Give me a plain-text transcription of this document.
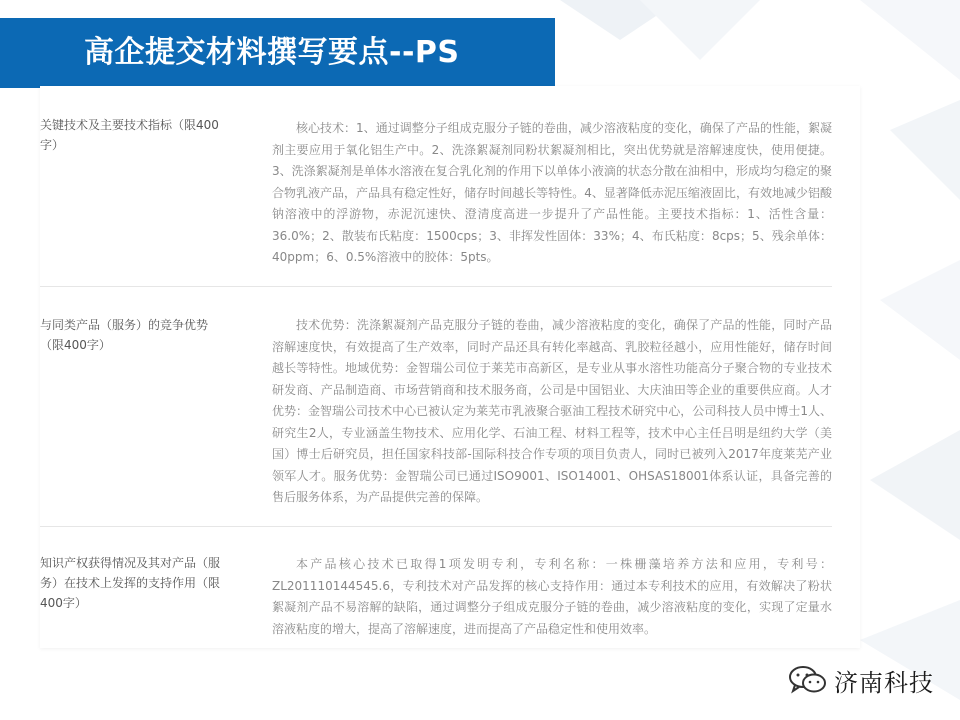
高企提交材料撰写要点--PS
关键技术及主要技术指标（限400字）
核心技术：1、通过调整分子组成克服分子链的卷曲，减少溶液粘度的变化，确保了产品的性能，絮凝剂主要应用于氧化铝生产中。2、洗涤絮凝剂同粉状絮凝剂相比，突出优势就是溶解速度快，使用便捷。3、洗涤絮凝剂是单体水溶液在复合乳化剂的作用下以单体小液滴的状态分散在油相中，形成均匀稳定的聚合物乳液产品，产品具有稳定性好，储存时间越长等特性。4、显著降低赤泥压缩液固比，有效地减少铝酸钠溶液中的浮游物，赤泥沉速快、澄清度高进一步提升了产品性能。主要技术指标：1、活性含量：36.0%；2、散装布氏粘度：1500cps；3、非挥发性固体：33%；4、布氏粘度：8cps；5、残余单体：40ppm；6、0.5%溶液中的胶体：5pts。
与同类产品（服务）的竞争优势（限400字）
技术优势：洗涤絮凝剂产品克服分子链的卷曲，减少溶液粘度的变化，确保了产品的性能，同时产品溶解速度快，有效提高了生产效率，同时产品还具有转化率越高、乳胶粒径越小，应用性能好，储存时间越长等特性。地域优势：金智瑞公司位于莱芜市高新区，是专业从事水溶性功能高分子聚合物的专业技术研发商、产品制造商、市场营销商和技术服务商，公司是中国铝业、大庆油田等企业的重要供应商。人才优势：金智瑞公司技术中心已被认定为莱芜市乳液聚合驱油工程技术研究中心，公司科技人员中博士1人、研究生2人，专业涵盖生物技术、应用化学、石油工程、材料工程等，技术中心主任吕明是纽约大学（美国）博士后研究员，担任国家科技部-国际科技合作专项的项目负责人，同时已被列入2017年度莱芜产业领军人才。服务优势：金智瑞公司已通过ISO9001、ISO14001、OHSAS18001体系认证，具备完善的售后服务体系，为产品提供完善的保障。
知识产权获得情况及其对产品（服务）在技术上发挥的支持作用（限400字）
本产品核心技术已取得1项发明专利，专利名称：一株栅藻培养方法和应用，专利号：ZL201110144545.6，专利技术对产品发挥的核心支持作用：通过本专利技术的应用，有效解决了粉状絮凝剂产品不易溶解的缺陷，通过调整分子组成克服分子链的卷曲，减少溶液粘度的变化，实现了定量水溶液粘度的增大，提高了溶解速度，进而提高了产品稳定性和使用效率。
济南科技
